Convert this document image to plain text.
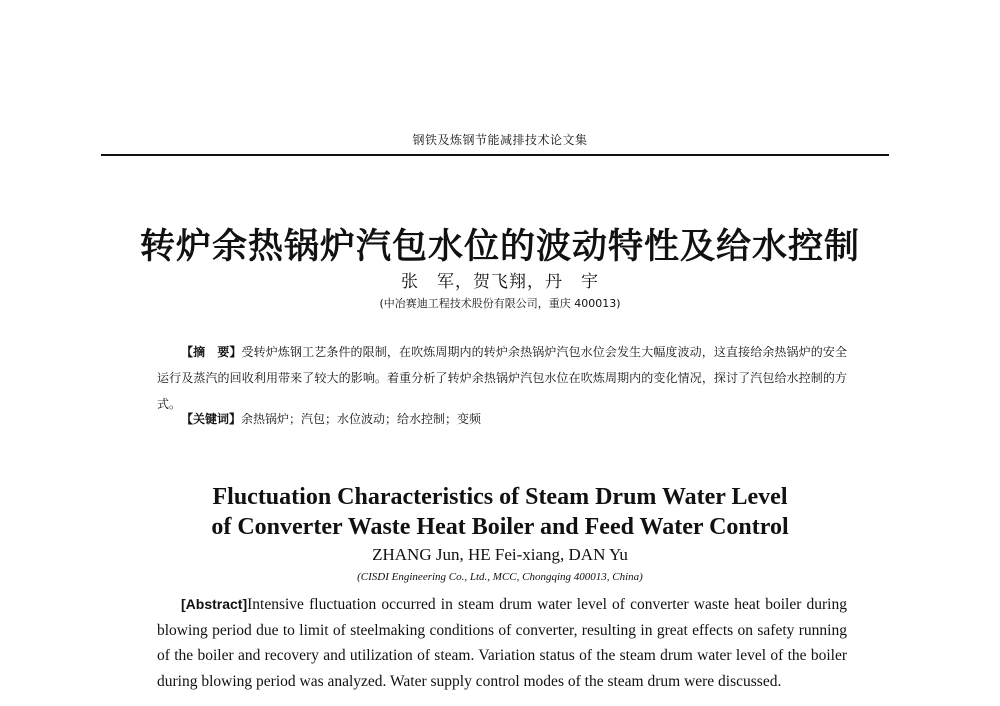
钢铁及炼钢节能减排技术论文集
转炉余热锅炉汽包水位的波动特性及给水控制
张　军，贺飞翔，丹　宇
(中冶赛迪工程技术股份有限公司，重庆 400013)

【摘　要】受转炉炼钢工艺条件的限制，在吹炼周期内的转炉余热锅炉汽包水位会发生大幅度波动，这直接给余热锅炉的安全运行及蒸汽的回收利用带来了较大的影响。着重分析了转炉余热锅炉汽包水位在吹炼周期内的变化情况，探讨了汽包给水控制的方式。

【关键词】余热锅炉；汽包；水位波动；给水控制；变频

Fluctuation Characteristics of Steam Drum Water Level
of Converter Waste Heat Boiler and Feed Water Control
ZHANG Jun, HE Fei-xiang, DAN Yu
(CISDI Engineering Co., Ltd., MCC, Chongqing 400013, China)

[Abstract]Intensive fluctuation occurred in steam drum water level of converter waste heat boiler during blowing period due to limit of steelmaking conditions of converter, resulting in great effects on safety running of the boiler and recovery and utilization of steam. Variation status of the steam drum water level of the boiler during blowing period was analyzed. Water supply control modes of the steam drum were discussed.
